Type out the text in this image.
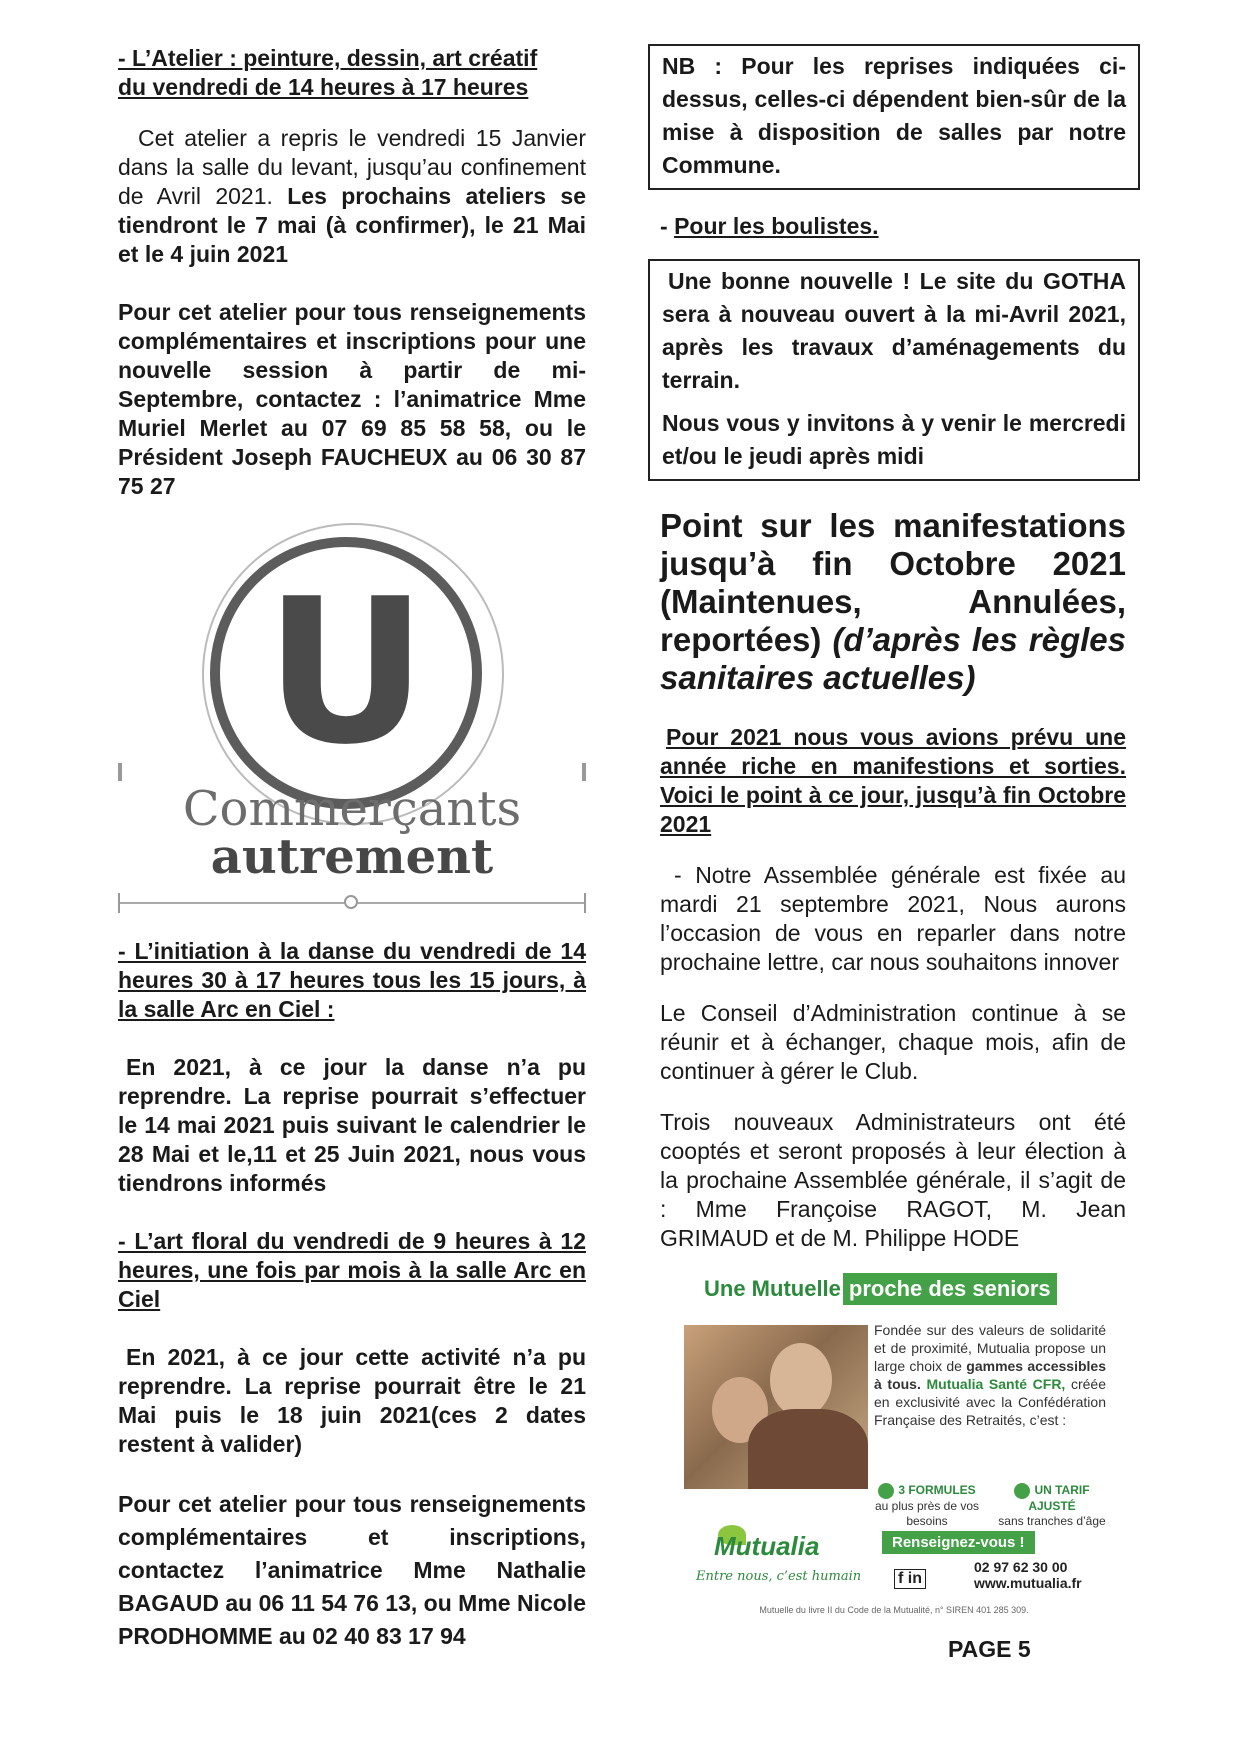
- L’Atelier : peinture, dessin, art créatif
du vendredi de 14 heures à 17 heures

Cet atelier a repris le vendredi 15 Janvier dans la salle du levant, jusqu’au confinement de Avril 2021. Les prochains ateliers se tiendront le 7 mai (à confirmer), le 21 Mai et le 4 juin 2021

Pour cet atelier pour tous renseignements complémentaires et inscriptions pour une nouvelle session à partir de mi-Septembre, contactez : l’animatrice Mme Muriel Merlet au 07 69 85 58 58, ou le Président Joseph FAUCHEUX au 06 30 87 75 27

U
Commerçants
autrement

- L’initiation à la danse du vendredi de 14 heures 30 à 17 heures tous les 15 jours, à la salle Arc en Ciel :

En 2021, à ce jour la danse n’a pu reprendre. La reprise pourrait s’effectuer le 14 mai 2021 puis suivant le calendrier le 28 Mai et le,11 et 25 Juin 2021, nous vous tiendrons informés

- L’art floral du vendredi de 9 heures à 12 heures, une fois par mois à la salle Arc en Ciel

En 2021, à ce jour cette activité n’a pu reprendre. La reprise pourrait être le 21 Mai puis le 18 juin 2021(ces 2 dates restent à valider)

Pour cet atelier pour tous renseignements complémentaires et inscriptions, contactez l’animatrice Mme Nathalie BAGAUD au 06 11 54 76 13, ou Mme Nicole PRODHOMME au 02 40 83 17 94

NB : Pour les reprises indiquées ci-dessus, celles-ci dépendent bien-sûr de la mise à disposition de salles par notre Commune.

- Pour les boulistes.

Une bonne nouvelle ! Le site du GOTHA sera à nouveau ouvert à la mi-Avril 2021, après les travaux d’aménagements du terrain.

Nous vous y invitons à y venir le mercredi et/ou le jeudi après midi

Point sur les manifestations jusqu’à fin Octobre 2021 (Maintenues, Annulées, reportées) (d’après les règles sanitaires actuelles)

Pour 2021 nous vous avions prévu une année riche en manifestions et sorties. Voici le point à ce jour, jusqu’à fin Octobre 2021

- Notre Assemblée générale est fixée au mardi 21 septembre 2021, Nous aurons l’occasion de vous en reparler dans notre prochaine lettre, car nous souhaitons innover

Le Conseil d’Administration continue à se réunir et à échanger, chaque mois, afin de continuer à gérer le Club.

Trois nouveaux Administrateurs ont été cooptés et seront proposés à leur élection à la prochaine Assemblée générale, il s’agit de : Mme Françoise RAGOT, M. Jean GRIMAUD et de M. Philippe HODE

Une Mutuelle proche des seniors
Fondée sur des valeurs de solidarité et de proximité, Mutualia propose un large choix de gammes accessibles à tous. Mutualia Santé CFR, créée en exclusivité avec la Confédération Française des Retraités, c’est :
3 FORMULES
au plus près de vos besoins
UN TARIF AJUSTÉ
sans tranches d’âge
Mutualia
Entre nous, c’est humain
Renseignez-vous !
f in
02 97 62 30 00
www.mutualia.fr
Mutuelle du livre II du Code de la Mutualité, n° SIREN 401 285 309.
PAGE 5
